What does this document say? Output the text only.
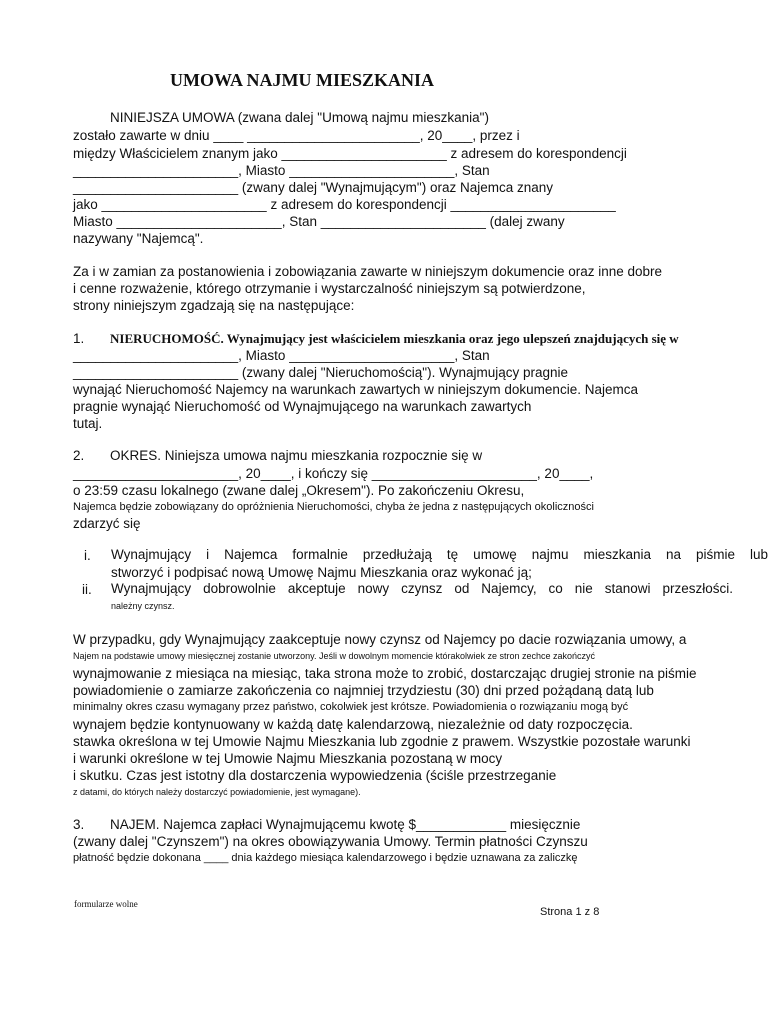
UMOWA NAJMU MIESZKANIA
NINIEJSZA UMOWA (zwana dalej "Umową najmu mieszkania")
zostało zawarte w dniu ____ _______________________, 20____, przez i
między Właścicielem znanym jako ______________________ z adresem do korespondencji
______________________, Miasto ______________________, Stan
______________________ (zwany dalej "Wynajmującym") oraz Najemca znany
jako ______________________ z adresem do korespondencji ______________________
Miasto ______________________, Stan ______________________ (dalej zwany
nazywany "Najemcą".
Za i w zamian za postanowienia i zobowiązania zawarte w niniejszym dokumencie oraz inne dobre
i cenne rozważenie, którego otrzymanie i wystarczalność niniejszym są potwierdzone,
strony niniejszym zgadzają się na następujące:
1. NIERUCHOMOŚĆ. Wynajmujący jest właścicielem mieszkania oraz jego ulepszeń znajdujących się w
______________________, Miasto ______________________, Stan
______________________ (zwany dalej "Nieruchomością"). Wynajmujący pragnie
wynająć Nieruchomość Najemcy na warunkach zawartych w niniejszym dokumencie. Najemca
pragnie wynająć Nieruchomość od Wynajmującego na warunkach zawartych
tutaj.
2. OKRES. Niniejsza umowa najmu mieszkania rozpocznie się w
______________________, 20____, i kończy się ______________________, 20____,
o 23:59 czasu lokalnego (zwane dalej „Okresem"). Po zakończeniu Okresu,
Najemca będzie zobowiązany do opróżnienia Nieruchomości, chyba że jedna z następujących okoliczności
zdarzyć się
i. Wynajmujący i Najemca formalnie przedłużają tę umowę najmu mieszkania na piśmie lub
stworzyć i podpisać nową Umowę Najmu Mieszkania oraz wykonać ją;
ii. Wynajmujący dobrowolnie akceptuje nowy czynsz od Najemcy, co nie stanowi przeszłości.
należny czynsz.
W przypadku, gdy Wynajmujący zaakceptuje nowy czynsz od Najemcy po dacie rozwiązania umowy, a
Najem na podstawie umowy miesięcznej zostanie utworzony. Jeśli w dowolnym momencie którakolwiek ze stron zechce zakończyć
wynajmowanie z miesiąca na miesiąc, taka strona może to zrobić, dostarczając drugiej stronie na piśmie
powiadomienie o zamiarze zakończenia co najmniej trzydziestu (30) dni przed pożądaną datą lub
minimalny okres czasu wymagany przez państwo, cokolwiek jest krótsze. Powiadomienia o rozwiązaniu mogą być
wynajem będzie kontynuowany w każdą datę kalendarzową, niezależnie od daty rozpoczęcia.
stawka określona w tej Umowie Najmu Mieszkania lub zgodnie z prawem. Wszystkie pozostałe warunki
i warunki określone w tej Umowie Najmu Mieszkania pozostaną w mocy
i skutku. Czas jest istotny dla dostarczenia wypowiedzenia (ściśle przestrzeganie
z datami, do których należy dostarczyć powiadomienie, jest wymagane).
3. NAJEM. Najemca zapłaci Wynajmującemu kwotę $____________ miesięcznie
(zwany dalej "Czynszem") na okres obowiązywania Umowy. Termin płatności Czynszu
płatność będzie dokonana ____ dnia każdego miesiąca kalendarzowego i będzie uznawana za zaliczkę
formularze wolne
Strona 1 z 8
